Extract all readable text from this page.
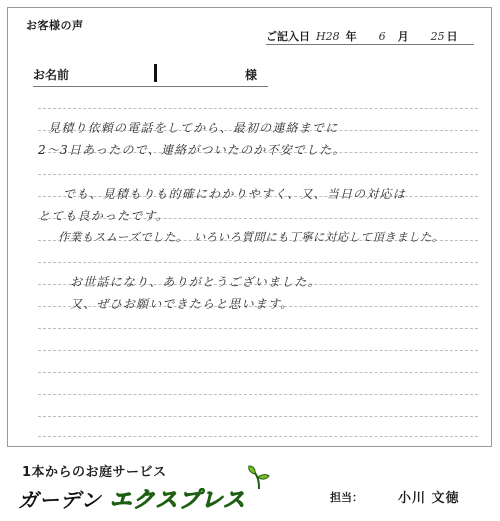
お客様の声
ご記入日 H28 年 6 月 25 日
お名前	様
見積り依頼の電話をしてから、最初の連絡までに
2〜3日あったので、連絡がついたのか不安でした。
でも、見積もりも的確にわかりやすく、又、当日の対応は
とても良かったです。
作業もスムーズでした。　いろいろ質問にも丁寧に対応して頂きました。
お世話になり、ありがとうございました。
又、ぜひお願いできたらと思います。
1本からのお庭サービス
ガーデン エクスプレス	担当：	小川 文徳
